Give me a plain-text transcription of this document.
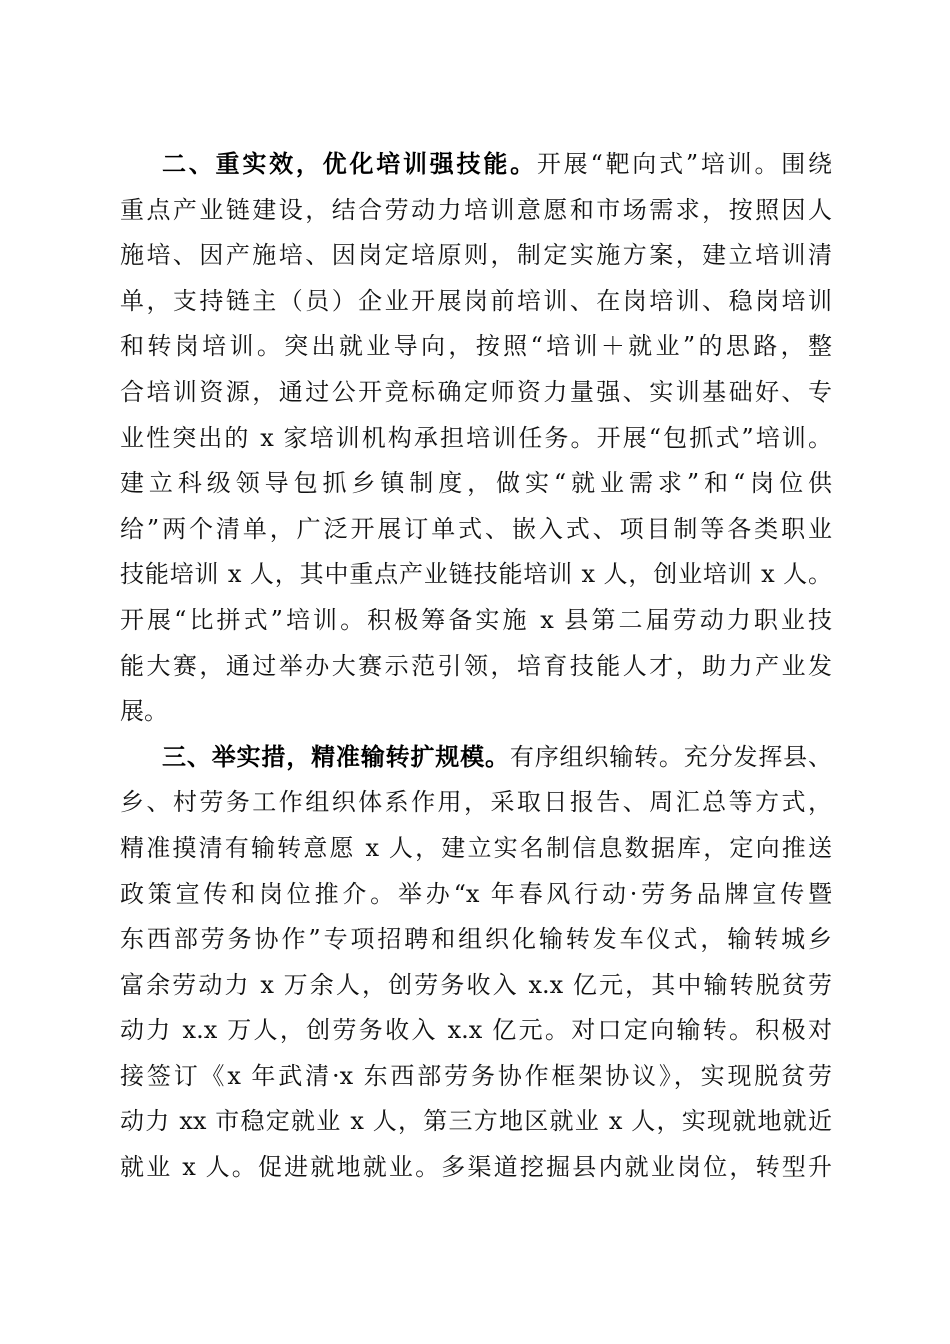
二、重实效，优化培训强技能。开展“靶向式”培训。围绕
重点产业链建设，结合劳动力培训意愿和市场需求，按照因人
施培、因产施培、因岗定培原则，制定实施方案，建立培训清
单，支持链主（员）企业开展岗前培训、在岗培训、稳岗培训
和转岗培训。突出就业导向，按照“培训＋就业”的思路，整
合培训资源，通过公开竞标确定师资力量强、实训基础好、专
业性突出的 x 家培训机构承担培训任务。开展“包抓式”培训。
建立科级领导包抓乡镇制度，做实“就业需求”和“岗位供
给”两个清单，广泛开展订单式、嵌入式、项目制等各类职业
技能培训 x 人，其中重点产业链技能培训 x 人，创业培训 x 人。
开展“比拼式”培训。积极筹备实施 x 县第二届劳动力职业技
能大赛，通过举办大赛示范引领，培育技能人才，助力产业发
展。
三、举实措，精准输转扩规模。有序组织输转。充分发挥县、
乡、村劳务工作组织体系作用，采取日报告、周汇总等方式，
精准摸清有输转意愿 x 人，建立实名制信息数据库，定向推送
政策宣传和岗位推介。举办“x 年春风行动·劳务品牌宣传暨
东西部劳务协作”专项招聘和组织化输转发车仪式，输转城乡
富余劳动力 x 万余人，创劳务收入 x.x 亿元，其中输转脱贫劳
动力 x.x 万人，创劳务收入 x.x 亿元。对口定向输转。积极对
接签订《x 年武清·x 东西部劳务协作框架协议》，实现脱贫劳
动力 xx 市稳定就业 x 人，第三方地区就业 x 人，实现就地就近
就业 x 人。促进就地就业。多渠道挖掘县内就业岗位，转型升
